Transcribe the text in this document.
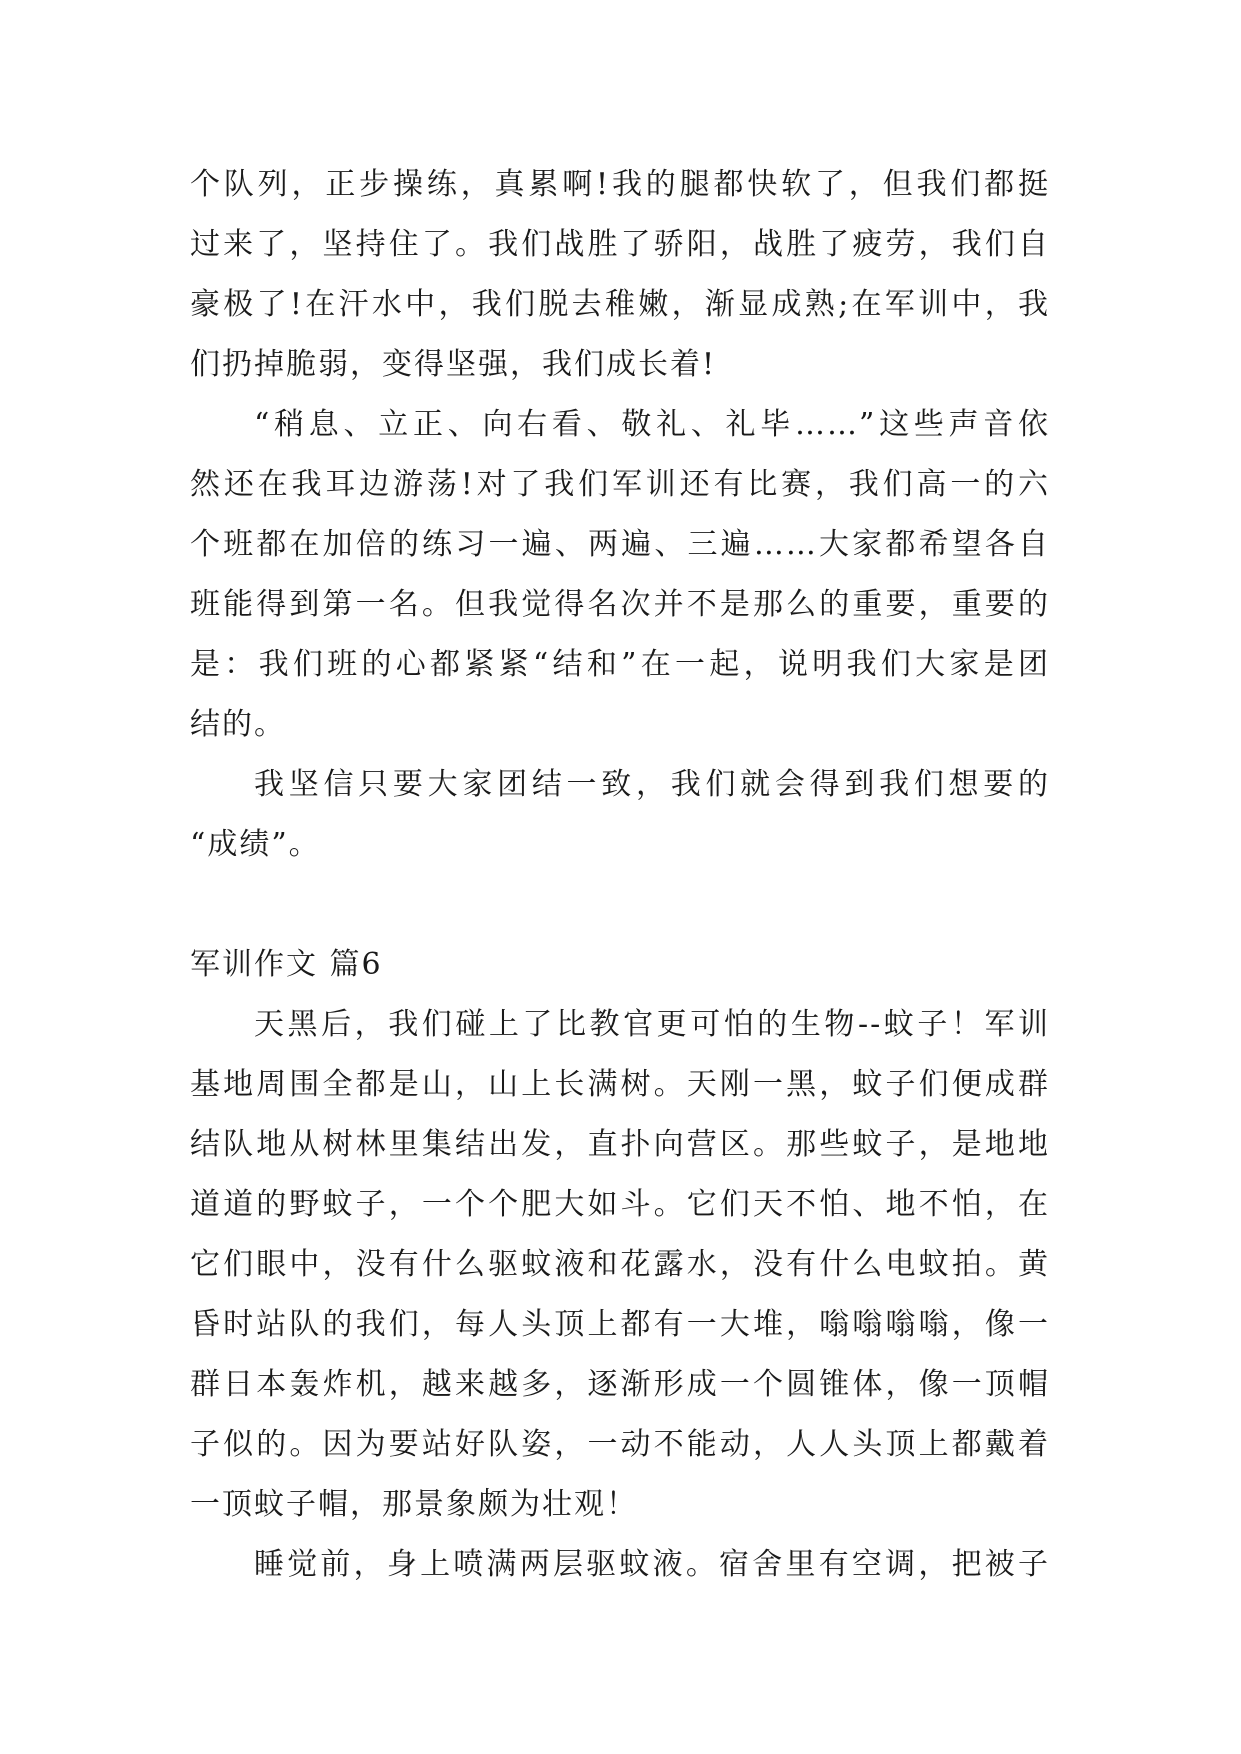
个队列，正步操练，真累啊!我的腿都快软了，但我们都挺
过来了，坚持住了。我们战胜了骄阳，战胜了疲劳，我们自
豪极了!在汗水中，我们脱去稚嫩，渐显成熟;在军训中，我
们扔掉脆弱，变得坚强，我们成长着!
“稍息、立正、向右看、敬礼、礼毕……”这些声音依
然还在我耳边游荡!对了我们军训还有比赛，我们高一的六
个班都在加倍的练习一遍、两遍、三遍……大家都希望各自
班能得到第一名。但我觉得名次并不是那么的重要，重要的
是：我们班的心都紧紧“结和”在一起，说明我们大家是团
结的。
我坚信只要大家团结一致，我们就会得到我们想要的
“成绩”。
军训作文 篇6
天黑后，我们碰上了比教官更可怕的生物--蚊子！军训
基地周围全都是山，山上长满树。天刚一黑，蚊子们便成群
结队地从树林里集结出发，直扑向营区。那些蚊子，是地地
道道的野蚊子，一个个肥大如斗。它们天不怕、地不怕，在
它们眼中，没有什么驱蚊液和花露水，没有什么电蚊拍。黄
昏时站队的我们，每人头顶上都有一大堆，嗡嗡嗡嗡，像一
群日本轰炸机，越来越多，逐渐形成一个圆锥体，像一顶帽
子似的。因为要站好队姿，一动不能动，人人头顶上都戴着
一顶蚊子帽，那景象颇为壮观！
睡觉前，身上喷满两层驱蚊液。宿舍里有空调，把被子
